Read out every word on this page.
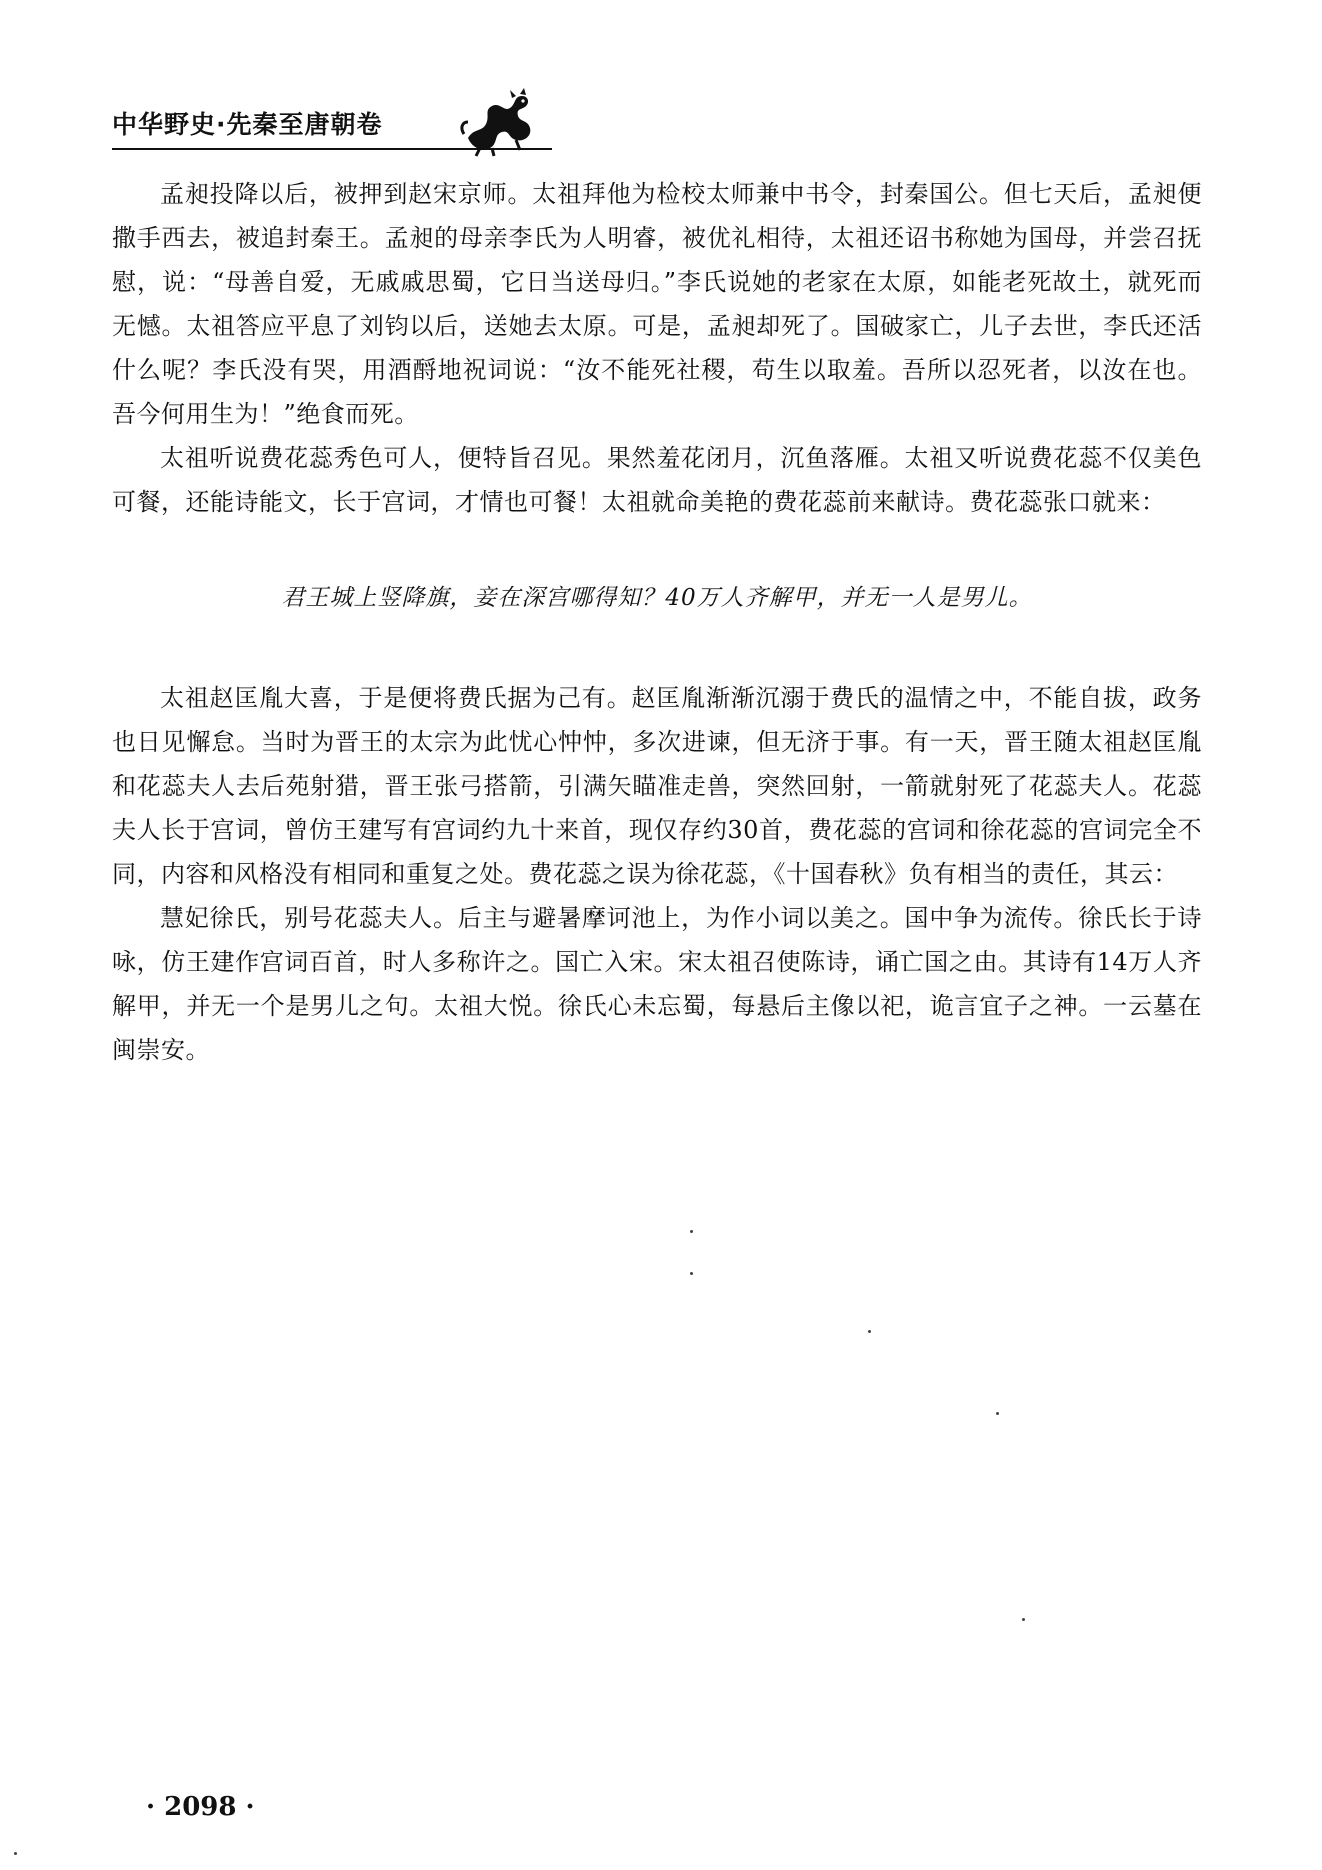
中华野史·先秦至唐朝卷

孟昶投降以后，被押到赵宋京师。太祖拜他为检校太师兼中书令，封秦国公。但七天后，孟昶便撒手西去，被追封秦王。孟昶的母亲李氏为人明睿，被优礼相待，太祖还诏书称她为国母，并尝召抚慰，说：“母善自爱，无戚戚思蜀，它日当送母归。”李氏说她的老家在太原，如能老死故土，就死而无憾。太祖答应平息了刘钧以后，送她去太原。可是，孟昶却死了。国破家亡，儿子去世，李氏还活什么呢？李氏没有哭，用酒酹地祝词说：“汝不能死社稷，苟生以取羞。吾所以忍死者，以汝在也。吾今何用生为！”绝食而死。

太祖听说费花蕊秀色可人，便特旨召见。果然羞花闭月，沉鱼落雁。太祖又听说费花蕊不仅美色可餐，还能诗能文，长于宫词，才情也可餐！太祖就命美艳的费花蕊前来献诗。费花蕊张口就来：

君王城上竖降旗，妾在深宫哪得知？40万人齐解甲，并无一人是男儿。

太祖赵匡胤大喜，于是便将费氏据为己有。赵匡胤渐渐沉溺于费氏的温情之中，不能自拔，政务也日见懈怠。当时为晋王的太宗为此忧心忡忡，多次进谏，但无济于事。有一天，晋王随太祖赵匡胤和花蕊夫人去后苑射猎，晋王张弓搭箭，引满矢瞄准走兽，突然回射，一箭就射死了花蕊夫人。花蕊夫人长于宫词，曾仿王建写有宫词约九十来首，现仅存约30首，费花蕊的宫词和徐花蕊的宫词完全不同，内容和风格没有相同和重复之处。费花蕊之误为徐花蕊，《十国春秋》负有相当的责任，其云：

慧妃徐氏，别号花蕊夫人。后主与避暑摩诃池上，为作小词以美之。国中争为流传。徐氏长于诗咏，仿王建作宫词百首，时人多称许之。国亡入宋。宋太祖召使陈诗，诵亡国之由。其诗有14万人齐解甲，并无一个是男儿之句。太祖大悦。徐氏心未忘蜀，每悬后主像以祀，诡言宜子之神。一云墓在闽崇安。

· 2098 ·
